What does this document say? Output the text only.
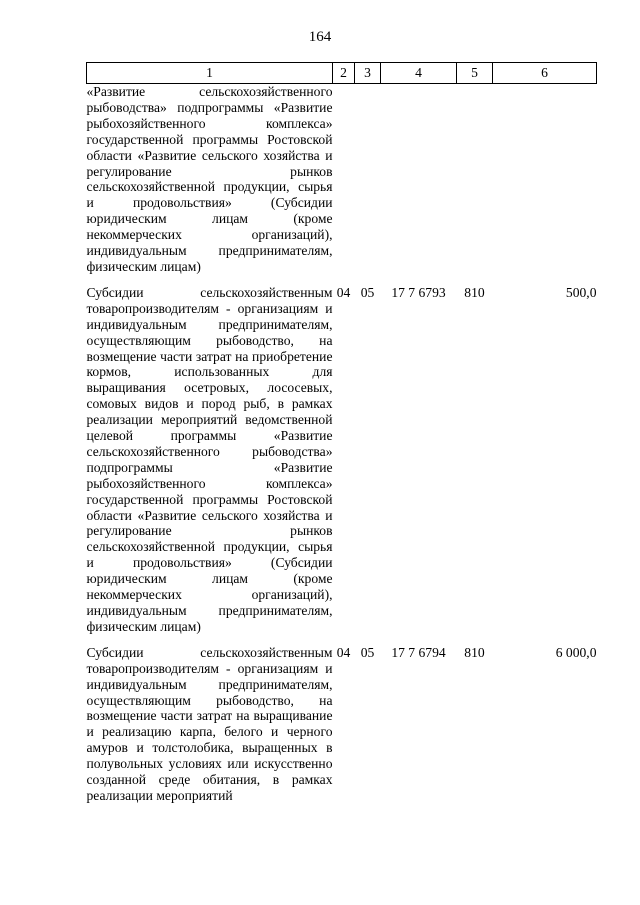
164
1	2	3	4	5	6

«Развитие сельскохозяйственного рыбоводства» подпрограммы «Развитие рыбохозяйственного комплекса» государственной программы Ростовской области «Развитие сельского хозяйства и регулирование рынков сельскохозяйственной продукции, сырья и продовольствия» (Субсидии юридическим лицам (кроме некоммерческих организаций), индивидуальным предпринимателям, физическим лицам)					

Субсидии сельскохозяйственным товаропроизводителям - организациям и индивидуальным предпринимателям, осуществляющим рыбоводство, на возмещение части затрат на приобретение кормов, использованных для выращивания осетровых, лососевых, сомовых видов и пород рыб, в рамках реализации мероприятий ведомственной целевой программы «Развитие сельскохозяйственного рыбоводства» подпрограммы «Развитие рыбохозяйственного комплекса» государственной программы Ростовской области «Развитие сельского хозяйства и регулирование рынков сельскохозяйственной продукции, сырья и продовольствия» (Субсидии юридическим лицам (кроме некоммерческих организаций), индивидуальным предпринимателям, физическим лицам)	04	05	17 7 6793	810	500,0

Субсидии сельскохозяйственным товаропроизводителям - организациям и индивидуальным предпринимателям, осуществляющим рыбоводство, на возмещение части затрат на выращивание и реализацию карпа, белого и черного амуров и толстолобика, выращенных в полувольных условиях или искусственно созданной среде обитания, в рамках реализации мероприятий	04	05	17 7 6794	810	6 000,0
